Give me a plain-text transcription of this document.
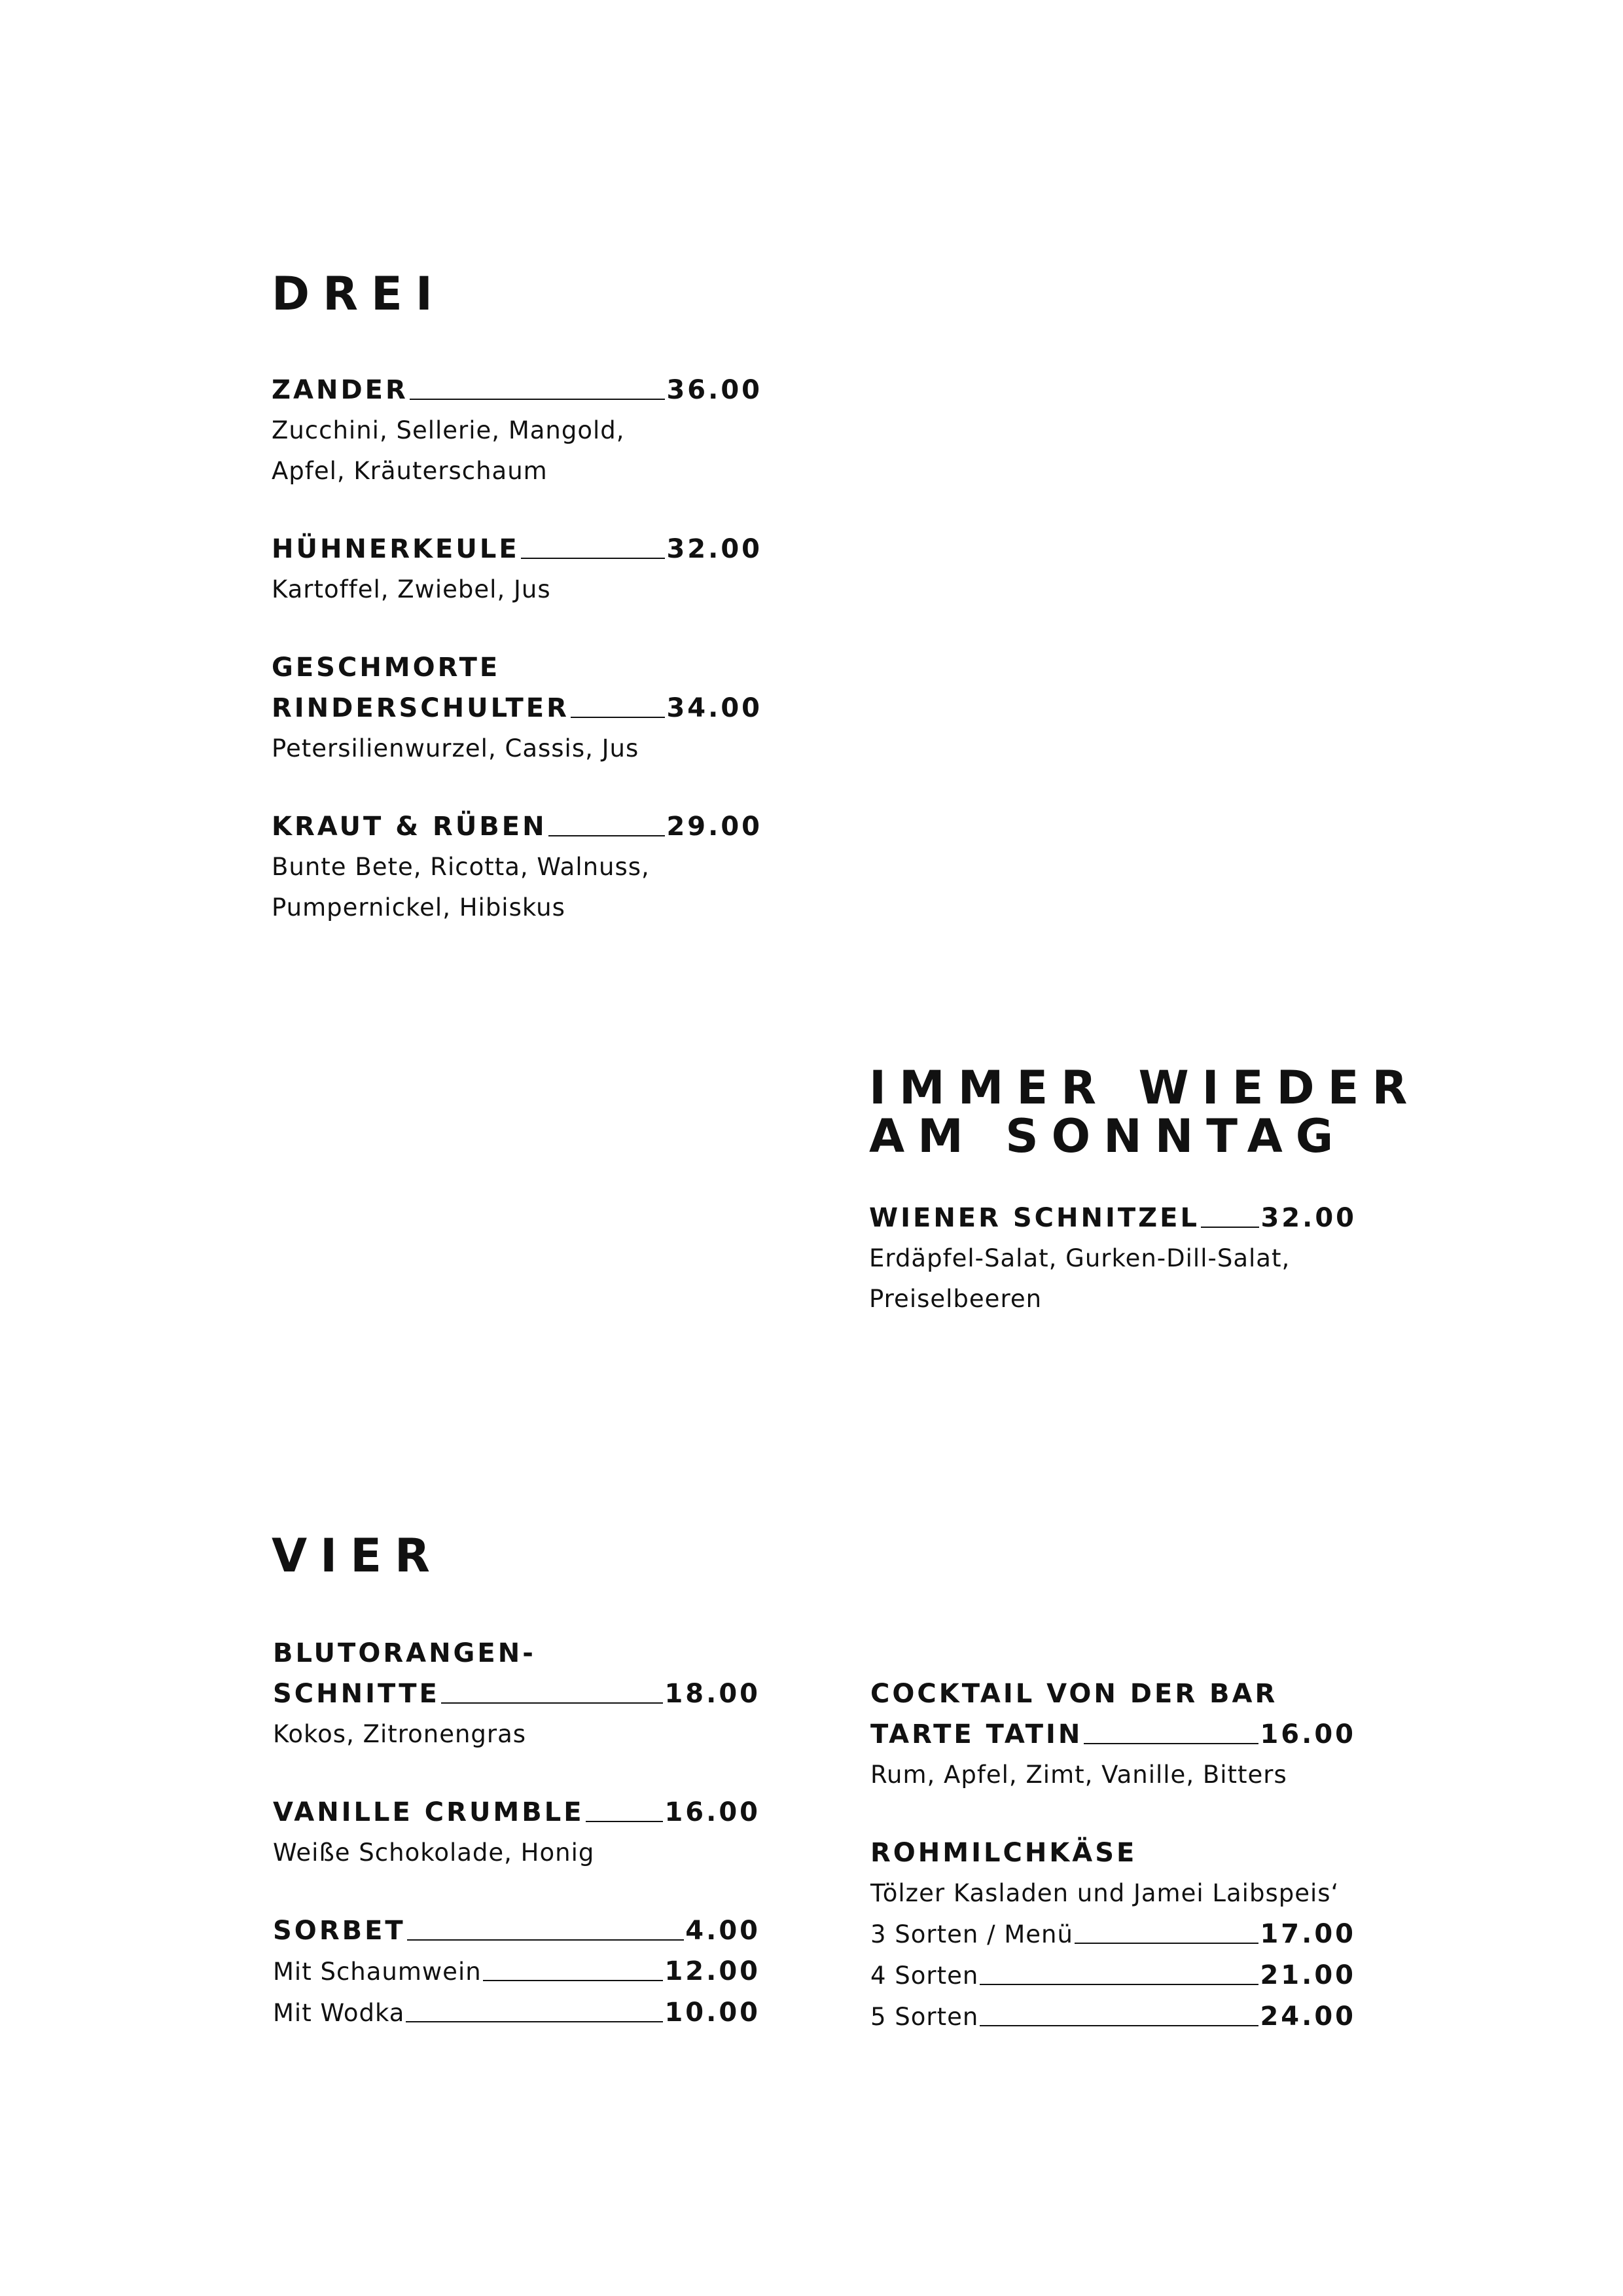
DREI
ZANDER	36.00
Zucchini, Sellerie, Mangold,
Apfel, Kräuterschaum
HÜHNERKEULE	32.00
Kartoffel, Zwiebel, Jus
GESCHMORTE
RINDERSCHULTER	34.00
Petersilienwurzel, Cassis, Jus
KRAUT & RÜBEN	29.00
Bunte Bete, Ricotta, Walnuss,
Pumpernickel, Hibiskus
IMMER WIEDER
AM SONNTAG
WIENER SCHNITZEL 32.00
Erdäpfel-Salat, Gurken-Dill-Salat,
Preiselbeeren
VIER
BLUTORANGEN-
SCHNITTE	18.00
Kokos, Zitronengras
VANILLE CRUMBLE	16.00
Weiße Schokolade, Honig
SORBET	4.00
Mit Schaumwein	12.00
Mit Wodka	10.00
COCKTAIL VON DER BAR
TARTE TATIN	16.00
Rum, Apfel, Zimt, Vanille, Bitters
ROHMILCHKÄSE
Tölzer Kasladen und Jamei Laibspeis‘
3 Sorten / Menü	17.00
4 Sorten	21.00
5 Sorten	24.00
